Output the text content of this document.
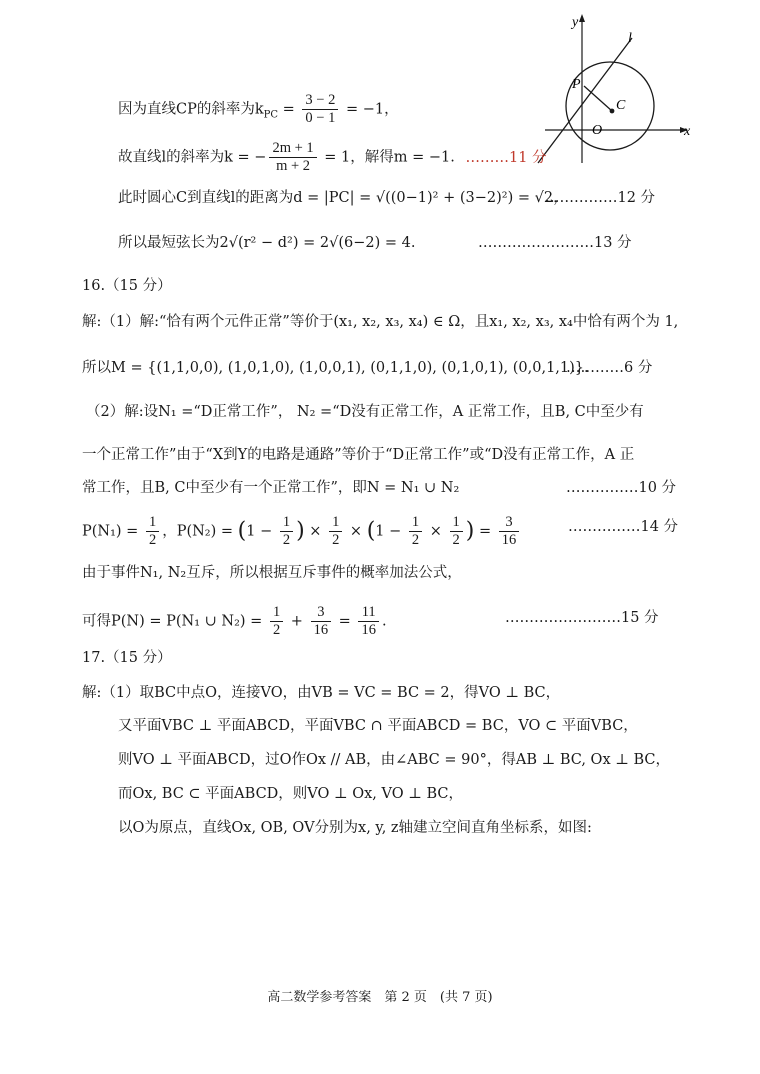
y
x
l
P
C
O
因为直线CP的斜率为$k_{PC} = \frac{3 - 2}{0 - 1} = -1$，
故直线l的斜率为k = − $\frac{2m + 1}{m + 2} = 1$，解得m = −1. ………11 分
此时圆心C到直线l的距离为d = |PC| = √((0−1)² + (3−2)²) = √2，
……………12 分
所以最短弦长为2√(r² − d²) = 2√(6−2) = 4.	……………………13 分
16.（15 分）
解:（1）解:“恰有两个元件正常”等价于(x₁, x₂, x₃, x₄) ∈ Ω，且x₁, x₂, x₃, x₄中恰有两个为 1,
所以M = {(1,1,0,0), (1,0,1,0), (1,0,0,1), (0,1,1,0), (0,1,0,1), (0,0,1,1)}.
…………6 分
（2）解:设N₁ =“D正常工作”， N₂ =“D没有正常工作，A 正常工作，且B, C中至少有
一个正常工作”由于“X到Y的电路是通路”等价于“D正常工作”或“D没有正常工作，A 正
常工作，且B, C中至少有一个正常工作”，即N = N₁ ∪ N₂	……………10 分
$P(N_1) = \frac{1}{2}$ ，$P(N_2) = (1 - \frac{1}{2}$ ) × $\frac{1}{2} \times (1 - \frac{1}{2} \times \frac{1}{2}$ ) = $\frac{3}{16}$	……………14 分
由于事件N₁, N₂互斥，所以根据互斥事件的概率加法公式，
可得P(N) = P(N₁ ∪ $N_2) = \frac{1}{2} + \frac{3}{16} = \frac{11}{16}$ .	……………………15 分
17.（15 分）
解:（1）取BC中点O，连接VO，由VB = VC = BC = 2，得VO ⊥ BC，
又平面VBC ⊥ 平面ABCD，平面VBC ∩ 平面ABCD = BC，VO ⊂ 平面VBC，
则VO ⊥ 平面ABCD，过O作Ox // AB，由∠ABC = 90°，得AB ⊥ BC, Ox ⊥ BC，
而Ox, BC ⊂ 平面ABCD，则VO ⊥ Ox, VO ⊥ BC，
以O为原点，直线Ox, OB, OV分别为x, y, z轴建立空间直角坐标系，如图:
高二数学参考答案　第 2 页　(共 7 页)
